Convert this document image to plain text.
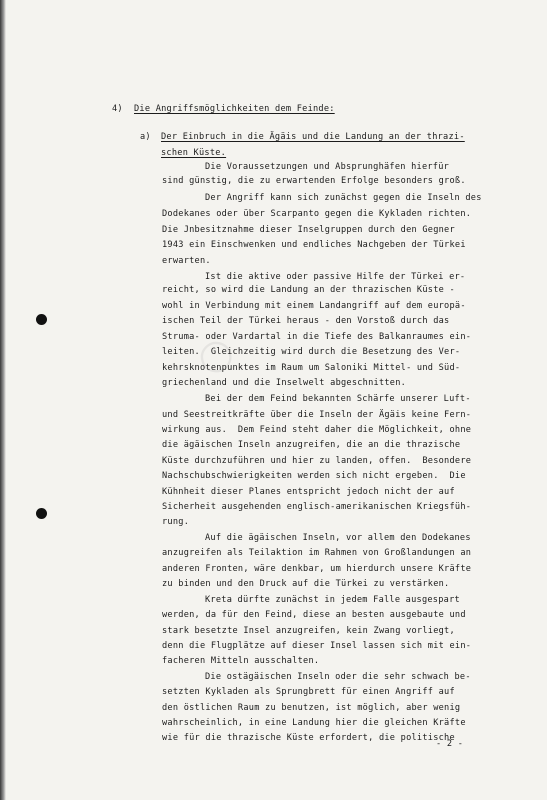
○
4) Die Angriffsmöglichkeiten dem Feinde:
a) Der Einbruch in die Ägäis und die Landung an der thrazi-
schen Küste.
Die Voraussetzungen und Absprunghäfen hierfür
sind günstig, die zu erwartenden Erfolge besonders groß.
Der Angriff kann sich zunächst gegen die Inseln des
Dodekanes oder über Scarpanto gegen die Kykladen richten.
Die Jnbesitznahme dieser Inselgruppen durch den Gegner
1943 ein Einschwenken und endliches Nachgeben der Türkei
erwarten.
Ist die aktive oder passive Hilfe der Türkei er-
reicht, so wird die Landung an der thrazischen Küste -
wohl in Verbindung mit einem Landangriff auf dem europä-
ischen Teil der Türkei heraus - den Vorstoß durch das
Struma- oder Vardartal in die Tiefe des Balkanraumes ein-
leiten.  Gleichzeitig wird durch die Besetzung des Ver-
kehrsknotenpunktes im Raum um Saloniki Mittel- und Süd-
griechenland und die Inselwelt abgeschnitten.
Bei der dem Feind bekannten Schärfe unserer Luft-
und Seestreitkräfte über die Inseln der Ägäis keine Fern-
wirkung aus.  Dem Feind steht daher die Möglichkeit, ohne
die ägäischen Inseln anzugreifen, die an die thrazische
Küste durchzuführen und hier zu landen, offen.  Besondere
Nachschubschwierigkeiten werden sich nicht ergeben.  Die
Kühnheit dieser Planes entspricht jedoch nicht der auf
Sicherheit ausgehenden englisch-amerikanischen Kriegsfüh-
rung.
Auf die ägäischen Inseln, vor allem den Dodekanes
anzugreifen als Teilaktion im Rahmen von Großlandungen an
anderen Fronten, wäre denkbar, um hierdurch unsere Kräfte
zu binden und den Druck auf die Türkei zu verstärken.
Kreta dürfte zunächst in jedem Falle ausgespart
werden, da für den Feind, diese an besten ausgebaute und
stark besetzte Insel anzugreifen, kein Zwang vorliegt,
denn die Flugplätze auf dieser Insel lassen sich mit ein-
facheren Mitteln ausschalten.
Die ostägäischen Inseln oder die sehr schwach be-
setzten Kykladen als Sprungbrett für einen Angriff auf
den östlichen Raum zu benutzen, ist möglich, aber wenig
wahrscheinlich, in eine Landung hier die gleichen Kräfte
wie für die thrazische Küste erfordert, die politische
- 2 -
